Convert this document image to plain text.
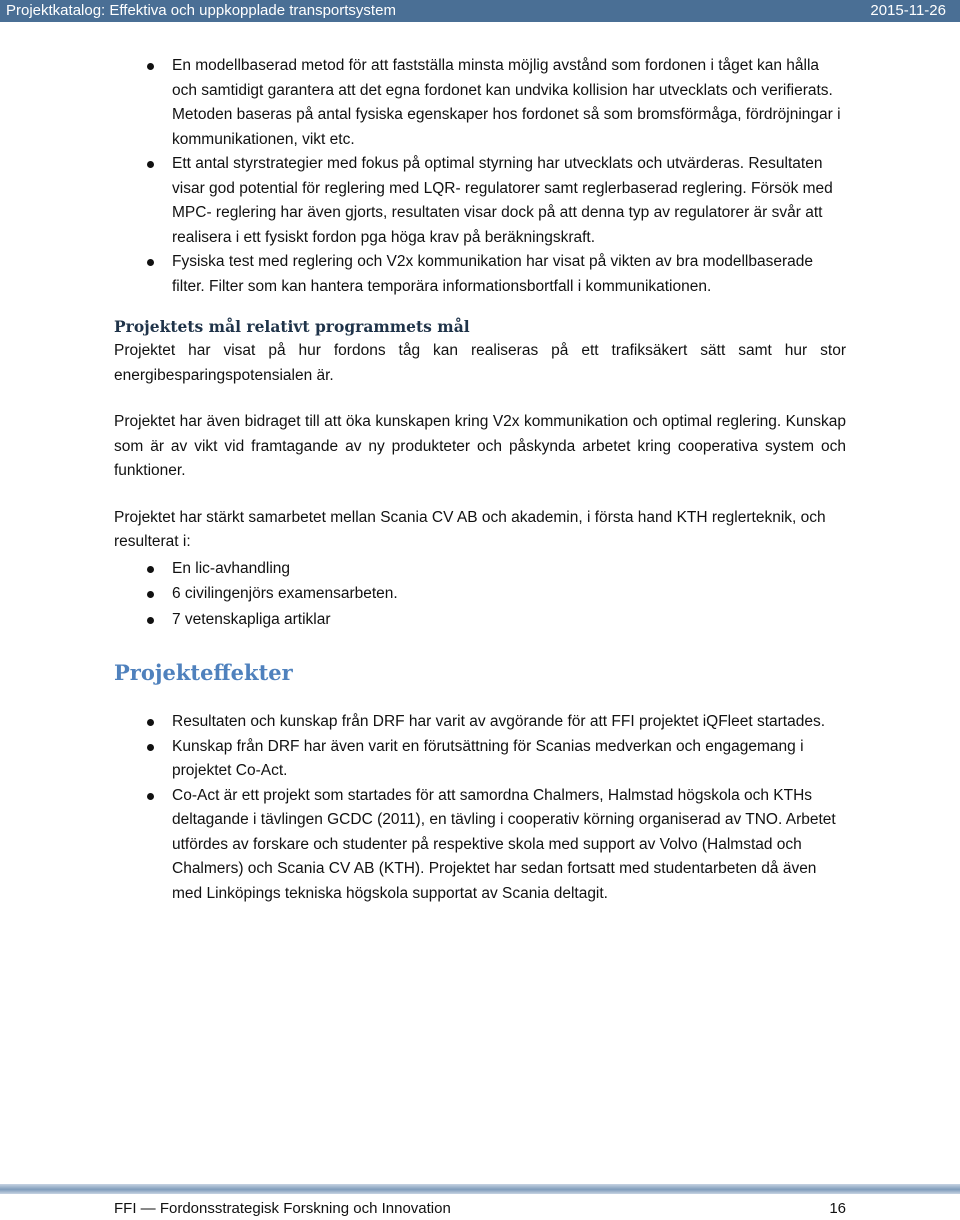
Projektkatalog: Effektiva och uppkopplade transportsystem	2015-11-26
En modellbaserad metod för att fastställa minsta möjlig avstånd som fordonen i tåget kan hålla och samtidigt garantera att det egna fordonet kan undvika kollision har utvecklats och verifierats. Metoden baseras på antal fysiska egenskaper hos fordonet så som bromsförmåga, fördröjningar i kommunikationen, vikt etc.
Ett antal styrstrategier med fokus på optimal styrning har utvecklats och utvärderas. Resultaten visar god potential för reglering med LQR- regulatorer samt reglerbaserad reglering. Försök med MPC- reglering har även gjorts, resultaten visar dock på att denna typ av regulatorer är svår att realisera i ett fysiskt fordon pga höga krav på beräkningskraft.
Fysiska test med reglering och V2x kommunikation har visat på vikten av bra modellbaserade filter. Filter som kan hantera temporära informationsbortfall i kommunikationen.
Projektets mål relativt programmets mål

Projektet har visat på hur fordons tåg kan realiseras på ett trafiksäkert sätt samt hur stor energibesparingspotensialen är.

Projektet har även bidraget till att öka kunskapen kring V2x kommunikation och optimal reglering. Kunskap som är av vikt vid framtagande av ny produkteter och påskynda arbetet kring cooperativa system och funktioner.

Projektet har stärkt samarbetet mellan Scania CV AB och akademin, i första hand KTH reglerteknik, och resulterat i:

En lic-avhandling
6 civilingenjörs examensarbeten.
7 vetenskapliga artiklar
Projekteffekter
Resultaten och kunskap från DRF har varit av avgörande för att FFI projektet iQFleet startades.
Kunskap från DRF har även varit en förutsättning för Scanias medverkan och engagemang i projektet Co-Act.
Co-Act är ett projekt som startades för att samordna Chalmers, Halmstad högskola och KTHs deltagande i tävlingen GCDC (2011), en tävling i cooperativ körning organiserad av TNO. Arbetet utfördes av forskare och studenter på respektive skola med support av Volvo (Halmstad och Chalmers) och Scania CV AB (KTH). Projektet har sedan fortsatt med studentarbeten då även med Linköpings tekniska högskola supportat av Scania deltagit.
FFI — Fordonsstrategisk Forskning och Innovation	16
